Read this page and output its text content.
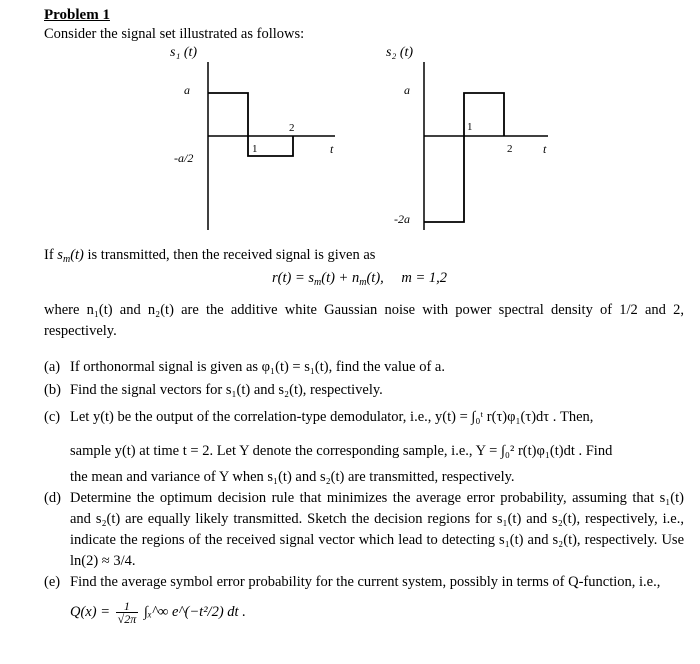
Problem 1
Consider the signal set illustrated as follows:
s₁ (t)
a
-a/2
1
2
t
s₂ (t)
a
-2a
1
2	t
If $s_m(t)$ is transmitted, then the received signal is given as
$r(t) = s_m(t) + n_m(t)$, m = 1,2
where n₁(t) and n₂(t) are the additive white Gaussian noise with power spectral density of 1/2 and 2, respectively.
(a) If orthonormal signal is given as φ₁(t) = s₁(t), find the value of a.
(b) Find the signal vectors for s₁(t) and s₂(t), respectively.
(c) Let y(t) be the output of the correlation-type demodulator, i.e., y(t) = ∫₀ᵗ r(τ)φ₁(τ)dτ . Then,
sample y(t) at time t = 2. Let Y denote the corresponding sample, i.e., Y = ∫₀² r(t)φ₁(t)dt . Find
the mean and variance of Y when s₁(t) and s₂(t) are transmitted, respectively.
(d) Determine the optimum decision rule that minimizes the average error probability, assuming that s₁(t) and s₂(t) are equally likely transmitted. Sketch the decision regions for s₁(t) and s₂(t), respectively, i.e., indicate the regions of the received signal vector which lead to detecting s₁(t) and s₂(t), respectively. Use ln(2) ≈ 3/4.
(e) Find the average symbol error probability for the current system, possibly in terms of Q-function, i.e.,
$Q(x) = \frac{1}{√2\pi}$ ∫ₓ^∞ e^(−t²/2) dt .
